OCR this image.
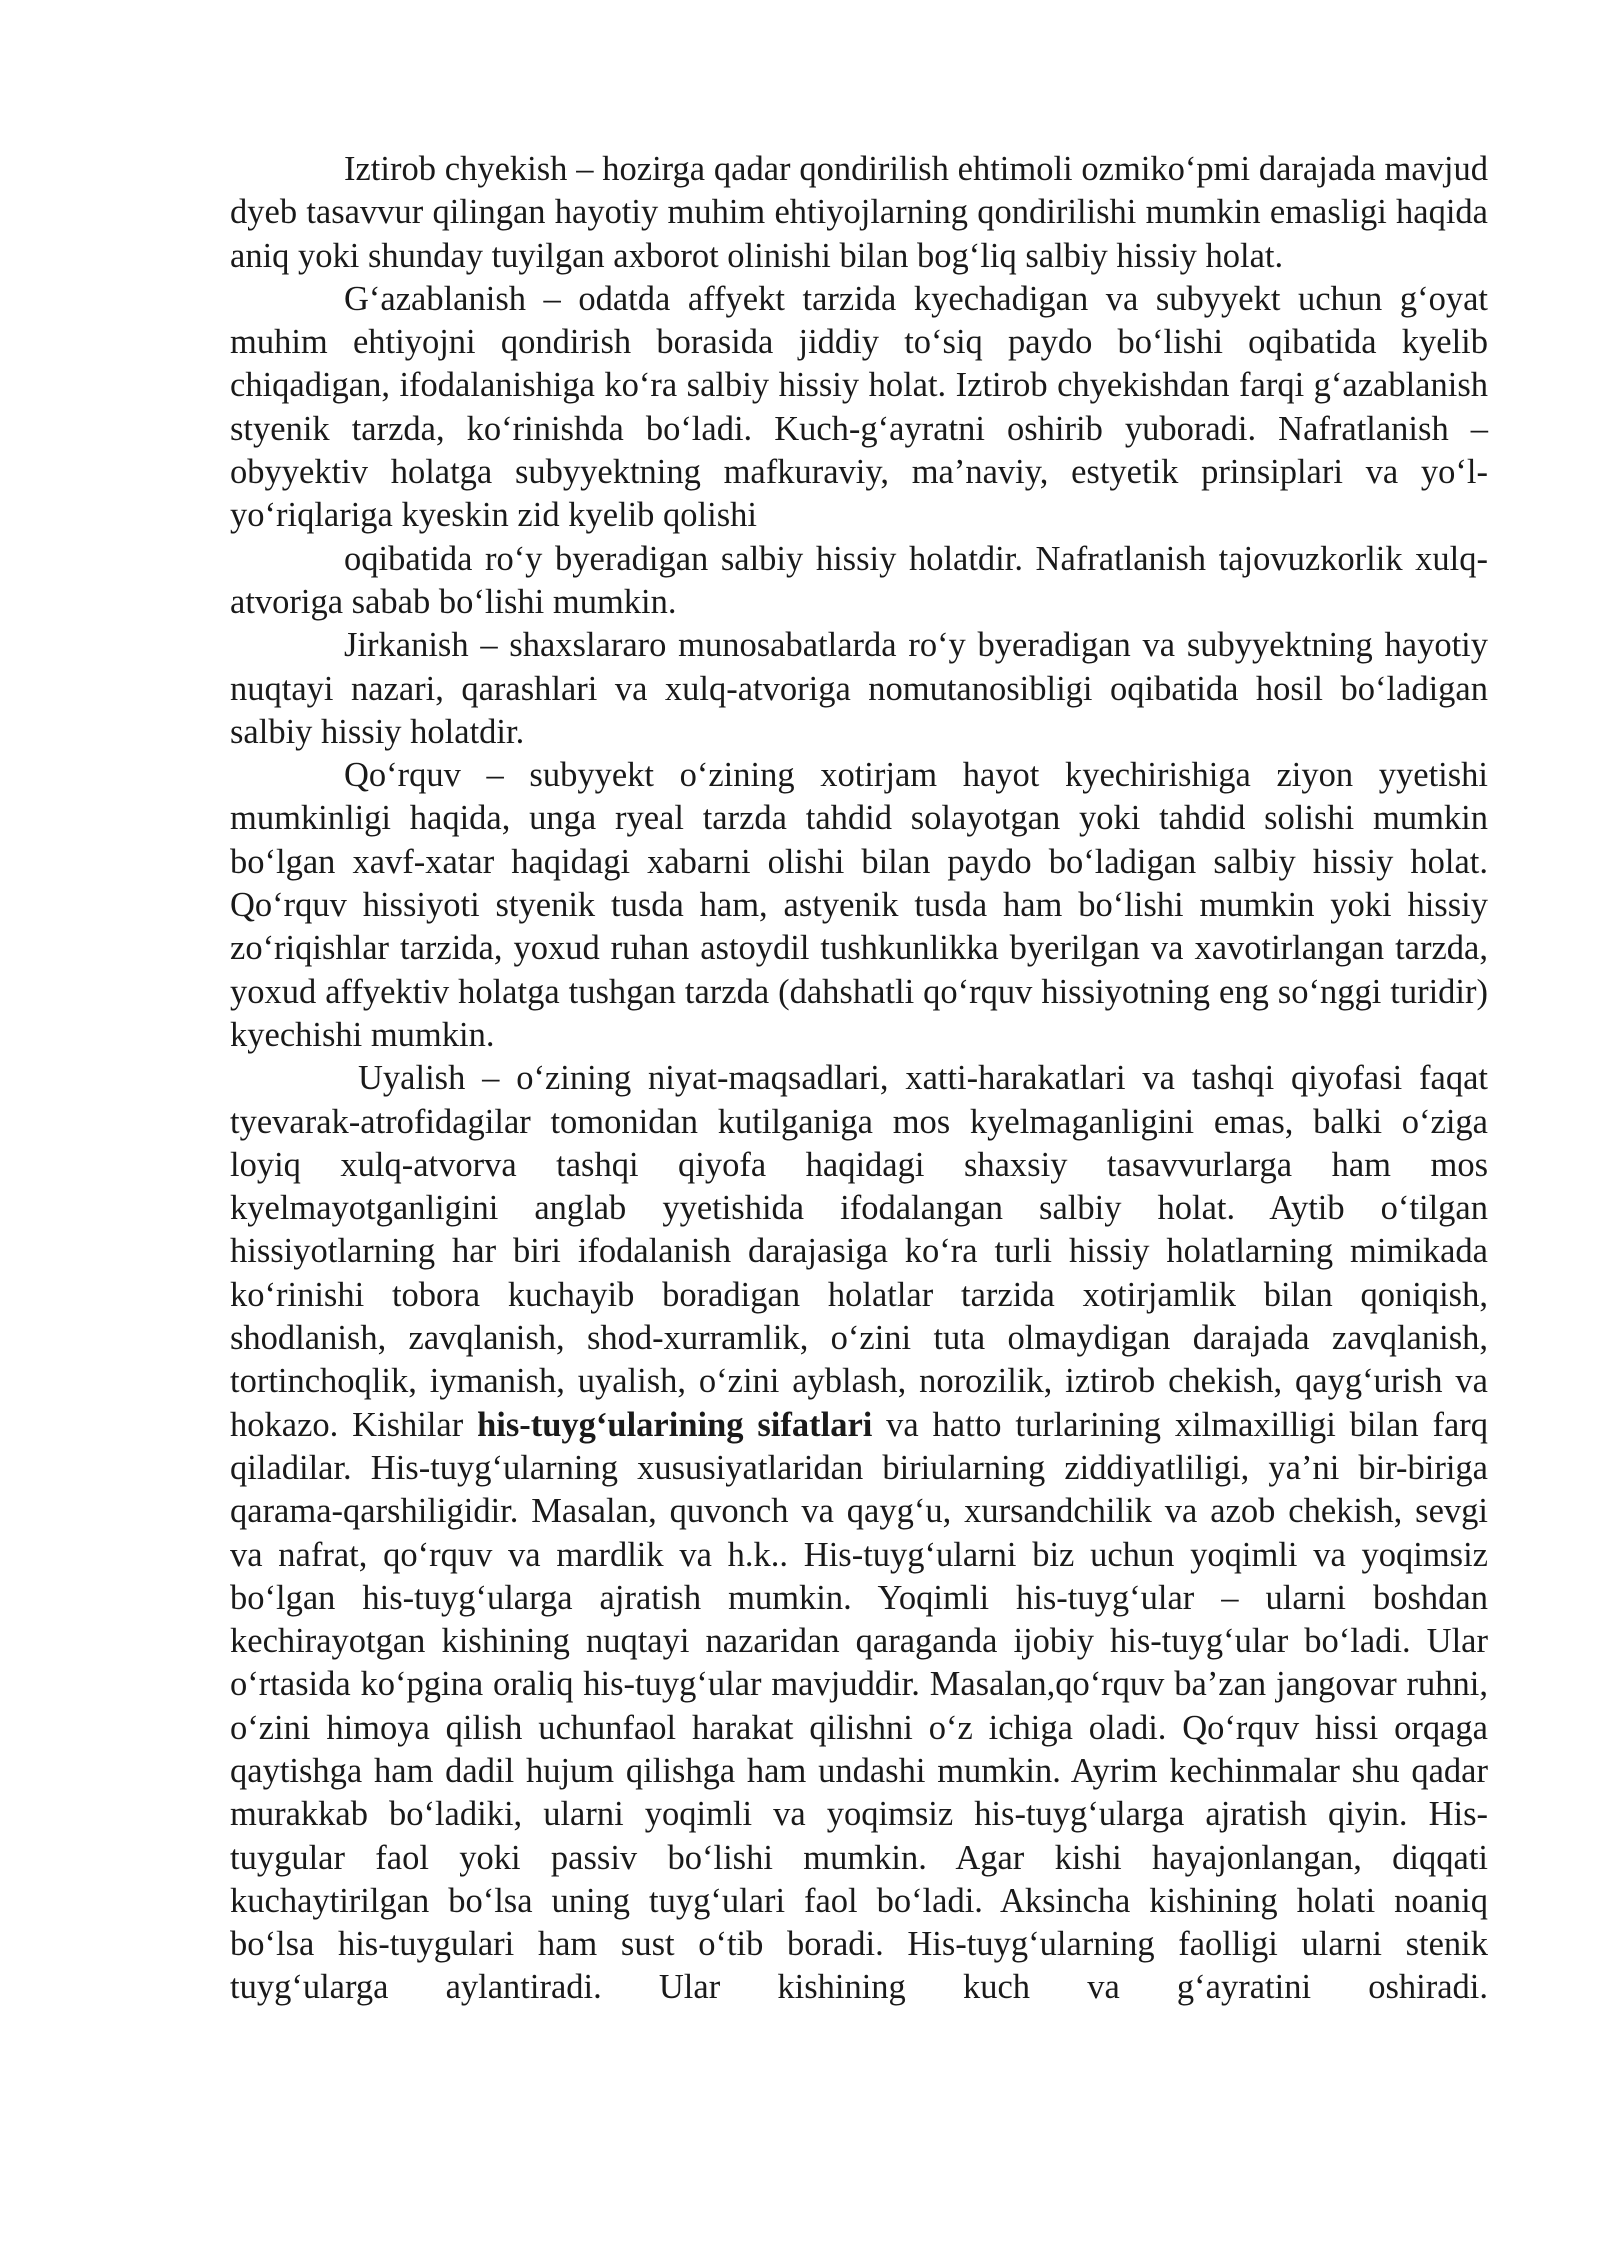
Iztirob chyekish – hozirga qadar qondirilish ehtimoli ozmiko‘pmi darajada mavjud dyeb tasavvur qilingan hayotiy muhim ehtiyojlarning qondirilishi mumkin emasligi haqida aniq yoki shunday tuyilgan axborot olinishi bilan bog‘liq salbiy hissiy holat.

G‘azablanish – odatda affyekt tarzida kyechadigan va subyyekt uchun g‘oyat muhim ehtiyojni qondirish borasida jiddiy to‘siq paydo bo‘lishi oqibatida kyelib chiqadigan, ifodalanishiga ko‘ra salbiy hissiy holat. Iztirob chyekishdan farqi g‘azablanish styenik tarzda, ko‘rinishda bo‘ladi. Kuch-g‘ayratni oshirib yuboradi. Nafratlanish – obyyektiv holatga subyyektning mafkuraviy, ma’naviy, estyetik prinsiplari va yo‘l-yo‘riqlariga kyeskin zid kyelib qolishi

oqibatida ro‘y byeradigan salbiy hissiy holatdir. Nafratlanish tajovuzkorlik xulq-atvoriga sabab bo‘lishi mumkin.

Jirkanish – shaxslararo munosabatlarda ro‘y byeradigan va subyyektning hayotiy nuqtayi nazari, qarashlari va xulq-atvoriga nomutanosibligi oqibatida hosil bo‘ladigan salbiy hissiy holatdir.

Qo‘rquv – subyyekt o‘zining xotirjam hayot kyechirishiga ziyon yyetishi mumkinligi haqida, unga ryeal tarzda tahdid solayotgan yoki tahdid solishi mumkin bo‘lgan xavf-xatar haqidagi xabarni olishi bilan paydo bo‘ladigan salbiy hissiy holat. Qo‘rquv hissiyoti styenik tusda ham, astyenik tusda ham bo‘lishi mumkin yoki hissiy zo‘riqishlar tarzida, yoxud ruhan astoydil tushkunlikka byerilgan va xavotirlangan tarzda, yoxud affyektiv holatga tushgan tarzda (dahshatli qo‘rquv hissiyotning eng so‘nggi turidir) kyechishi mumkin.

Uyalish – o‘zining niyat-maqsadlari, xatti-harakatlari va tashqi qiyofasi faqat tyevarak-atrofidagilar tomonidan kutilganiga mos kyelmaganligini emas, balki o‘ziga loyiq xulq-atvorva tashqi qiyofa haqidagi shaxsiy tasavvurlarga ham mos kyelmayotganligini anglab yyetishida ifodalangan salbiy holat. Aytib o‘tilgan hissiyotlarning har biri ifodalanish darajasiga ko‘ra turli hissiy holatlarning mimikada ko‘rinishi tobora kuchayib boradigan holatlar tarzida xotirjamlik bilan qoniqish, shodlanish, zavqlanish, shod-xurramlik, o‘zini tuta olmaydigan darajada zavqlanish, tortinchoqlik, iymanish, uyalish, o‘zini ayblash, norozilik, iztirob chekish, qayg‘urish va hokazo. Kishilar his-tuyg‘ularining sifatlari va hatto turlarining xilmaxilligi bilan farq qiladilar. His-tuyg‘ularning xususiyatlaridan biriularning ziddiyatliligi, ya’ni bir-biriga qarama-qarshiligidir. Masalan, quvonch va qayg‘u, xursandchilik va azob chekish, sevgi va nafrat, qo‘rquv va mardlik va h.k.. His-tuyg‘ularni biz uchun yoqimli va yoqimsiz bo‘lgan his-tuyg‘ularga ajratish mumkin. Yoqimli his-tuyg‘ular – ularni boshdan kechirayotgan kishining nuqtayi nazaridan qaraganda ijobiy his-tuyg‘ular bo‘ladi. Ular o‘rtasida ko‘pgina oraliq his-tuyg‘ular mavjuddir. Masalan,qo‘rquv ba’zan jangovar ruhni, o‘zini himoya qilish uchunfaol harakat qilishni o‘z ichiga oladi. Qo‘rquv hissi orqaga qaytishga ham dadil hujum qilishga ham undashi mumkin. Ayrim kechinmalar shu qadar murakkab bo‘ladiki, ularni yoqimli va yoqimsiz his-tuyg‘ularga ajratish qiyin. His-tuygular faol yoki passiv bo‘lishi mumkin. Agar kishi hayajonlangan, diqqati kuchaytirilgan bo‘lsa uning tuyg‘ulari faol bo‘ladi. Aksincha kishining holati noaniq bo‘lsa his-tuygulari ham sust o‘tib boradi. His-tuyg‘ularning faolligi ularni stenik tuyg‘ularga aylantiradi. Ular kishining kuch va g‘ayratini oshiradi.
